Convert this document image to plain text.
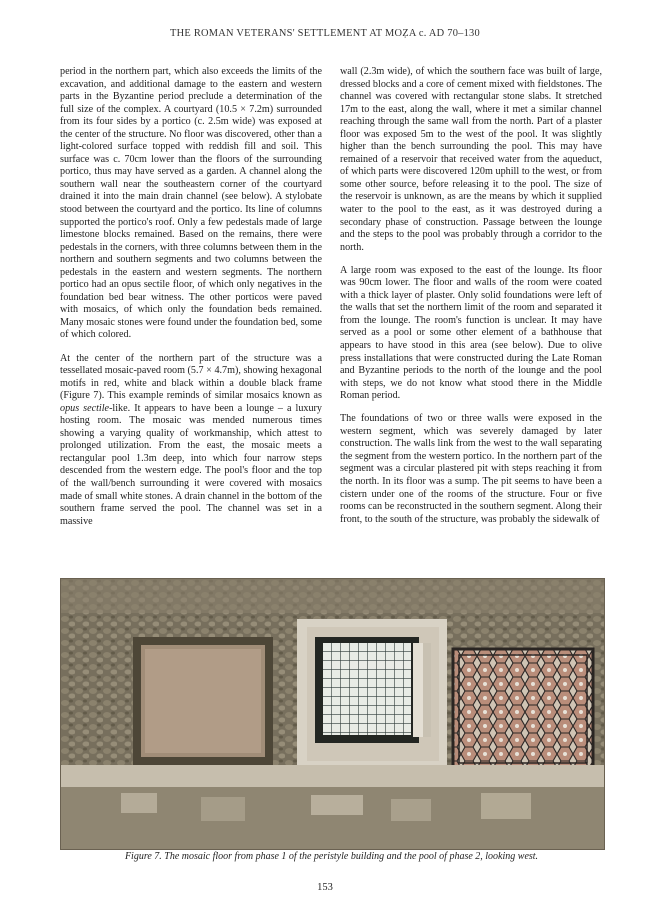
THE ROMAN VETERANS' SETTLEMENT AT MOẒA c. AD 70–130

period in the northern part, which also exceeds the limits of the excavation, and additional damage to the eastern and western parts in the Byzantine period preclude a determination of the full size of the complex. A courtyard (10.5 × 7.2m) surrounded from its four sides by a portico (c. 2.5m wide) was exposed at the center of the structure. No floor was discovered, other than a light-colored surface topped with reddish fill and soil. This surface was c. 70cm lower than the floors of the surrounding portico, thus may have served as a garden. A channel along the southern wall near the southeastern corner of the courtyard drained it into the main drain channel (see below). A stylobate stood between the courtyard and the portico. Its line of columns supported the portico's roof. Only a few pedestals made of large limestone blocks remained. Based on the remains, there were pedestals in the corners, with three columns between them in the northern and southern segments and two columns between the pedestals in the eastern and western segments. The northern portico had an opus sectile floor, of which only negatives in the foundation bed bear witness. The other porticos were paved with mosaics, of which only the foundation beds remained. Many mosaic stones were found under the foundation bed, some of which colored.

At the center of the northern part of the structure was a tessellated mosaic-paved room (5.7 × 4.7m), showing hexagonal motifs in red, white and black within a double black frame (Figure 7). This example reminds of similar mosaics known as opus sectile-like. It appears to have been a lounge – a luxury hosting room. The mosaic was mended numerous times showing a varying quality of workmanship, which attest to prolonged utilization. From the east, the mosaic meets a rectangular pool 1.3m deep, into which four narrow steps descended from the western edge. The pool's floor and the top of the wall/bench surrounding it were covered with mosaics made of small white stones. A drain channel in the bottom of the southern frame served the pool. The channel was set in a massive

wall (2.3m wide), of which the southern face was built of large, dressed blocks and a core of cement mixed with fieldstones. The channel was covered with rectangular stone slabs. It stretched 17m to the east, along the wall, where it met a similar channel reaching through the same wall from the north. Part of a plaster floor was exposed 5m to the west of the pool. It was slightly higher than the bench surrounding the pool. This may have remained of a reservoir that received water from the aqueduct, of which parts were discovered 120m uphill to the west, or from some other source, before releasing it to the pool. The size of the reservoir is unknown, as are the means by which it supplied water to the pool to the east, as it was destroyed during a secondary phase of construction. Passage between the lounge and the steps to the pool was probably through a corridor to the north.

A large room was exposed to the east of the lounge. Its floor was 90cm lower. The floor and walls of the room were coated with a thick layer of plaster. Only solid foundations were left of the walls that set the northern limit of the room and separated it from the lounge. The room's function is unclear. It may have served as a pool or some other element of a bathhouse that appears to have stood in this area (see below). Due to olive press installations that were constructed during the Late Roman and Byzantine periods to the north of the lounge and the pool with steps, we do not know what stood there in the Middle Roman period.

The foundations of two or three walls were exposed in the western segment, which was severely damaged by later construction. The walls link from the west to the wall separating the segment from the western portico. In the northern part of the segment was a circular plastered pit with steps reaching it from the north. In its floor was a sump. The pit seems to have been a cistern under one of the rooms of the structure. Four or five rooms can be reconstructed in the southern segment. Along their front, to the south of the structure, was probably the sidewalk of

Figure 7. The mosaic floor from phase 1 of the peristyle building and the pool of phase 2, looking west.
153
